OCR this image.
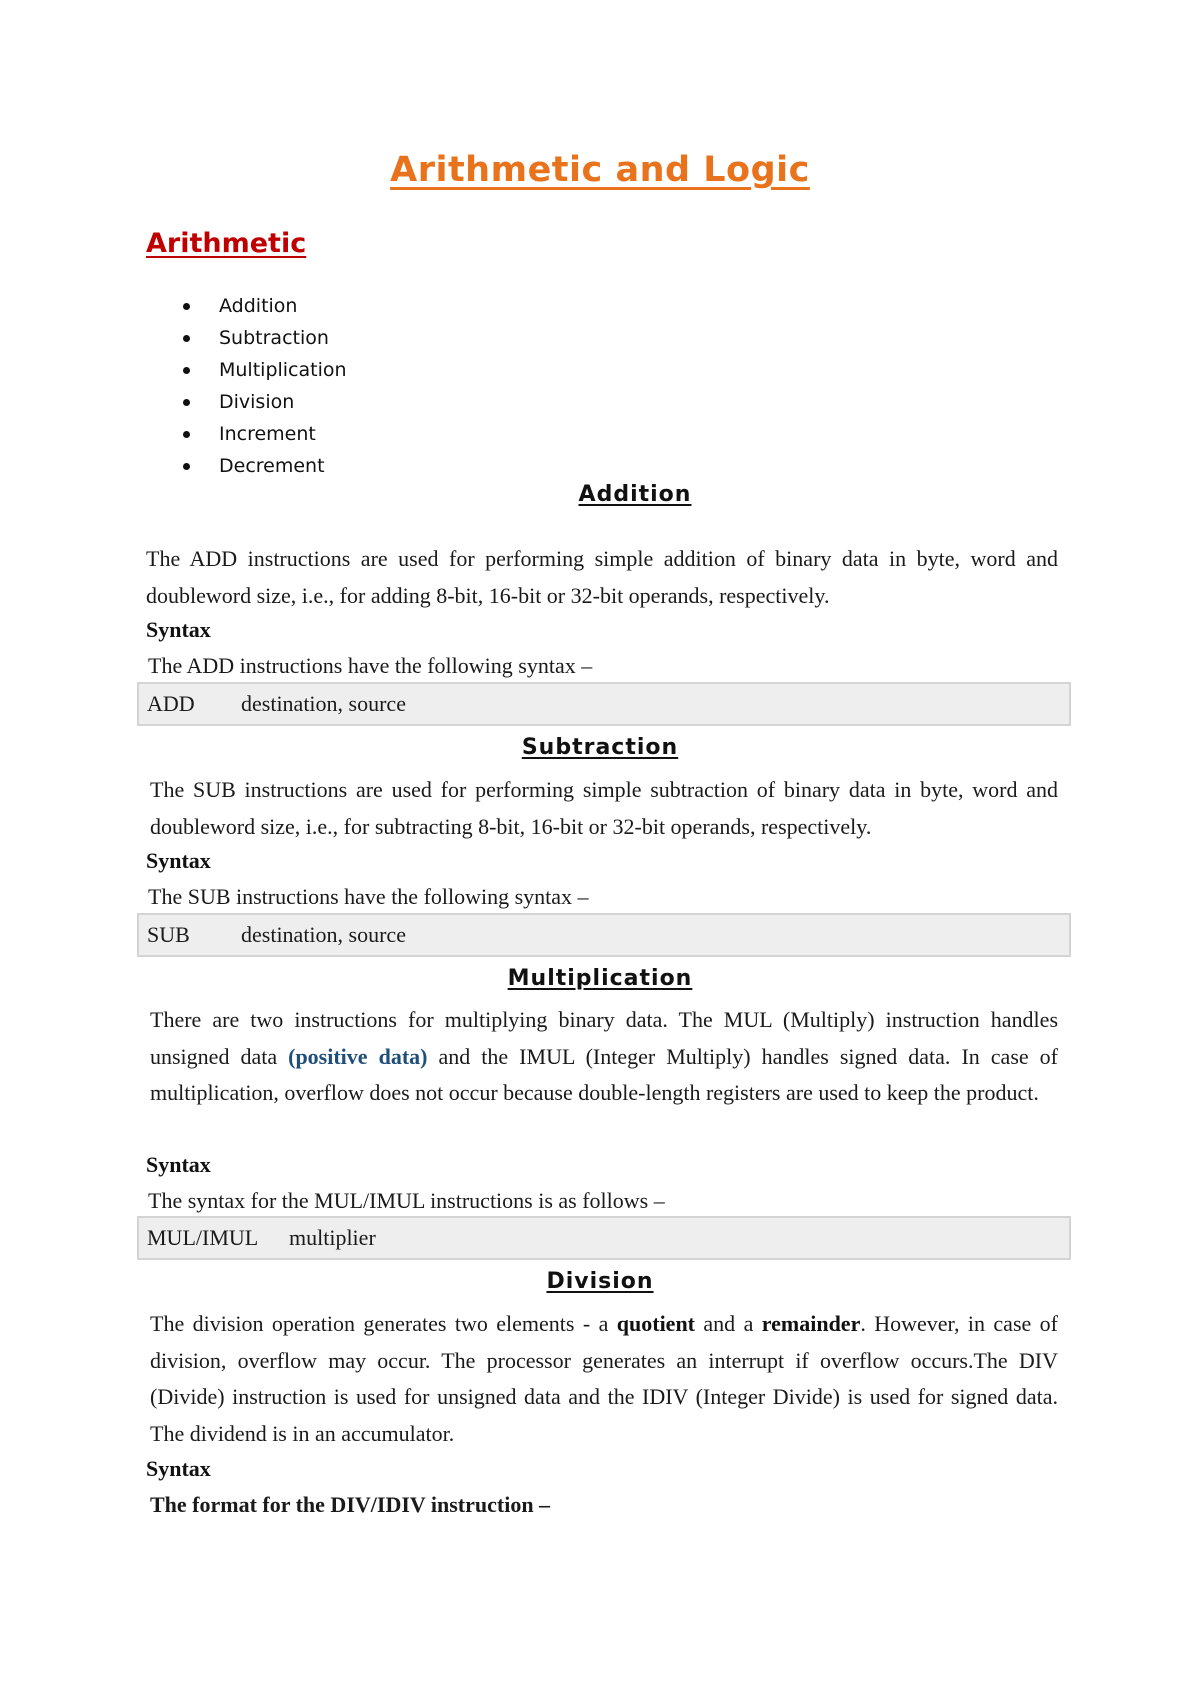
Arithmetic and Logic
Arithmetic
Addition
Subtraction
Multiplication
Division
Increment
Decrement
Addition
The ADD instructions are used for performing simple addition of binary data in byte, word and doubleword size, i.e., for adding 8-bit, 16-bit or 32-bit operands, respectively.
Syntax
The ADD instructions have the following syntax –
ADD destination, source
Subtraction
The SUB instructions are used for performing simple subtraction of binary data in byte, word and doubleword size, i.e., for subtracting 8-bit, 16-bit or 32-bit operands, respectively.
Syntax
The SUB instructions have the following syntax –
SUB destination, source
Multiplication
There are two instructions for multiplying binary data. The MUL (Multiply) instruction handles unsigned data (positive data) and the IMUL (Integer Multiply) handles signed data. In case of multiplication, overflow does not occur because double-length registers are used to keep the product.
Syntax
The syntax for the MUL/IMUL instructions is as follows –
MUL/IMUL multiplier
Division
The division operation generates two elements - a quotient and a remainder. However, in case of division, overflow may occur. The processor generates an interrupt if overflow occurs.The DIV (Divide) instruction is used for unsigned data and the IDIV (Integer Divide) is used for signed data. The dividend is in an accumulator.
Syntax
The format for the DIV/IDIV instruction –
